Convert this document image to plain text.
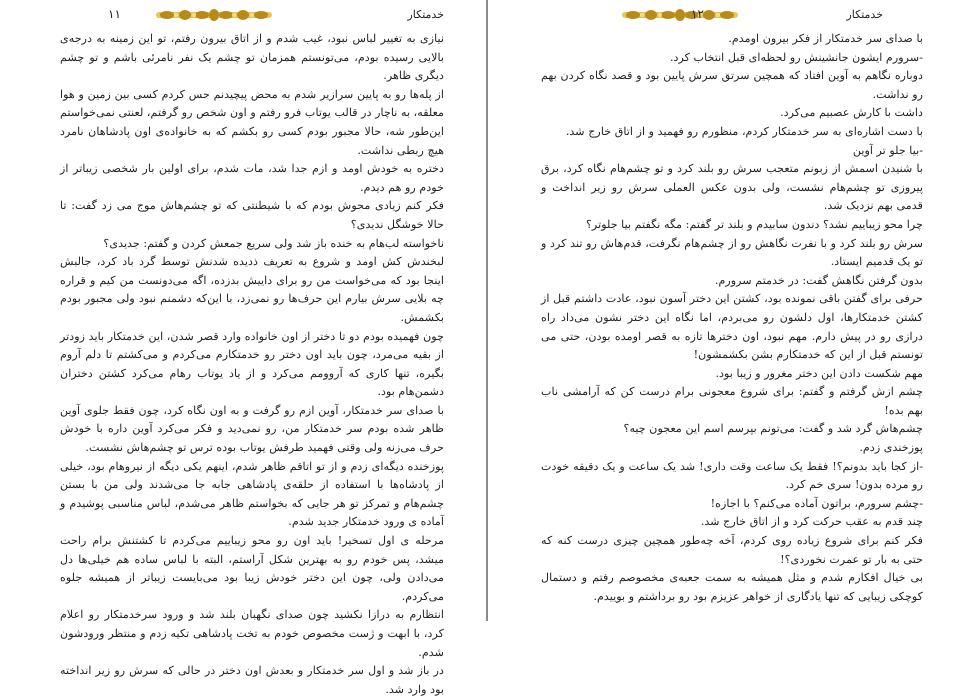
خدمتکار
۱۱

نیازی به تغییر لباس نبود، غیب شدم و از اتاق بیرون رفتم، تو این زمینه به درجه‌ی بالایی رسیده بودم، می‌تونستم همزمان تو چشم یک نفر نامرئی باشم و تو چشم دیگری ظاهر.

از پله‌ها رو به پایین سرازیر شدم به محض پیچیدنم حس کردم کسی بین زمین و هوا معلقه، به ناچار در قالب یوتاب فرو رفتم و اون شخص رو گرفتم، لعنتی نمی‌خواستم این‌طور شه، حالا مجبور بودم کسی رو بکشم که به خانواده‌ی اون پادشاهان نامرد هیچ ربطی نداشت.

دختره به خودش اومد و ازم جدا شد، مات شدم، برای اولین بار شخصی زیباتر از خودم رو هم دیدم.

فکر کنم زیادی محوش بودم که با شیطنتی که تو چشم‌هاش موج می زد گفت: تا حالا خوشگل ندیدی؟

ناخواسته لب‌هام به خنده باز شد ولی سریع جمعش کردن و گفتم: جدیدی؟

لبخندش کش اومد و شروع به تعریف ذدیده شدنش توسط گرد باد کرد، جالبش اینجا بود که می‌خواست من رو برای داییش بدزده، اگه می‌دونست من کیم و قراره چه بلایی سرش بیارم این حرف‌ها رو نمی‌زد، با این‌که دشمنم نبود ولی مجبور بودم بکشمش.

چون فهمیده بودم دو تا دختر از اون خانواده وارد قصر شدن، این خدمتکار باید زودتر از بقیه می‌مرد، چون باید اون دختر رو خدمتکارم می‌کردم و می‌کشتم تا دلم آروم بگیره، تنها کاری که آروومم می‌کرد و از یاد یوتاب رهام می‌کرد کشتن دختران دشمن‌هام بود.

با صدای سر خدمتکار، آوین ازم رو گرفت و به اون نگاه کرد، چون فقط جلوی آوین ظاهر شده بودم سر خدمتکار من، رو نمی‌دید و فکر می‌کرد آوین داره با خودش حرف می‌زنه ولی وقتی فهمید طرفش یوتاب بوده ترس تو چشم‌هاش نشست.

پوزخنده دیگه‌ای زدم و از تو اتاقم ظاهر شدم، اینهم یکی دیگه از نیروهام بود، خیلی از پادشاه‌ها با استفاده از حلقه‌ی پادشاهی جابه جا می‌شدند ولی من با بستن چشم‌هام و تمرکز تو هر جایی که بخواستم ظاهر می‌شدم، لباس مناسبی پوشیدم و آماده ی ورود خدمتکار جدید شدم.

مرحله ی اول تسخیر! باید اون رو محو زیباییم می‌کردم تا کشتنش برام راحت میشد، پس خودم رو به بهترین شکل آراستم، البته با لباس ساده هم خیلی‌ها دل می‌دادن ولی، چون این دختر خودش زیبا بود می‌بایست زیباتر از همیشه جلوه می‌کردم.

انتظارم به درازا نکشید چون صدای نگهبان بلند شد و ورود سرخدمتکار رو اعلام کرد، با ابهت و ژست مخصوص خودم به تخت پادشاهی تکیه زدم و منتظر ورودشون شدم.

در باز شد و اول سر خدمتکار و بعدش اون دختر در حالی که سرش رو زیر انداخته بود وارد شد.

خدمتکار
۱۲

با صدای سر خدمتکار از فکر بیرون اومدم.

-سرورم ایشون جانشینش رو لحظه‌ای قبل انتخاب کرد.

دوباره نگاهم به آوین افتاد که همچین سرتق سرش پایین بود و قصد نگاه کردن بهم رو نداشت.

داشت با کارش عصبیم می‌کرد.

با دست اشاره‌ای به سر خدمتکار کردم، منظورم رو فهمید و از اتاق خارج شد.

-بیا جلو تر آوین

با شنیدن اسمش از زبونم متعجب سرش رو بلند کرد و تو چشم‌هام نگاه کرد، برق پیروزی تو چشم‌هام نشست، ولی بدون عکس العملی سرش رو زیر انداخت و قدمی بهم نزدیک شد.

چرا محو زیباییم نشد؟ دندون سابیدم و بلند تر گفتم: مگه نگفتم بیا جلوتر؟

سرش رو بلند کرد و با نفرت نگاهش رو از چشم‌هام نگرفت، قدم‌هاش رو تند کرد و تو یک قدمیم ایستاد.

بدون گرفتن نگاهش گفت: در خدمتم سرورم.

حرفی برای گفتن باقی نمونده بود، کشتن این دختر آسون نبود، عادت داشتم قبل از کشتن خدمتکارها، اول دلشون رو می‌بردم، اما نگاه این دختر نشون می‌داد راه درازی رو در پیش دارم. مهم نبود، اون دخترها تازه به قصر اومده بودن، حتی می تونستم قبل از این که خدمتکارم بشن بکشمشون!

مهم شکست دادن این دختر مغرور و زیبا بود.

چشم ازش گرفتم و گفتم: برای شروع معجونی برام درست کن که آرامشی ناب بهم بده!

چشم‌هاش گرد شد و گفت: می‌تونم بپرسم اسم این معجون چیه؟

پوزخندی زدم.

-از کجا باید بدونم؟! فقط یک ساعت وقت داری! شد یک ساعت و یک دقیقه خودت رو مرده بدون! سری خم کرد.

-چشم سرورم، براتون آماده می‌کنم؟ با اجازه!

چند قدم به عقب حرکت کرد و از اتاق خارج شد.

فکر کنم برای شروع زیاده روی کردم، آخه چه‌طور همچین چیزی درست کنه که حتی به بار تو عمرت نخوردی؟!

بی خیال افکارم شدم و مثل همیشه به سمت جعبه‌ی مخصوصم رفتم و دستمال کوچکی زیبایی که تنها یادگاری از خواهر عزیزم بود رو برداشتم و بوییدم.
